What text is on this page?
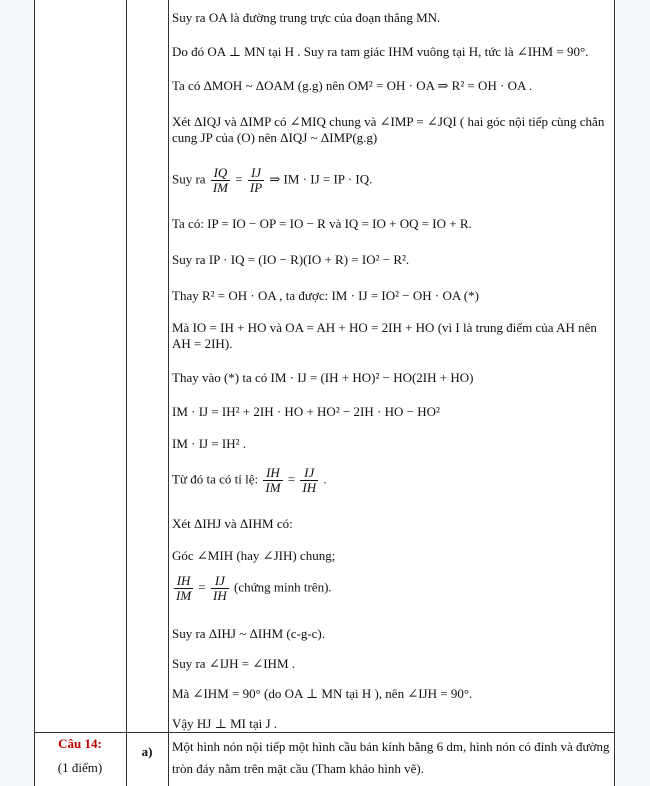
Suy ra OA là đường trung trực của đoạn thẳng MN.
Do đó OA ⊥ MN tại H . Suy ra tam giác IHM vuông tại H, tức là ∠IHM = 90°.
Ta có ΔMOH ~ ΔOAM (g.g) nên OM² = OH · OA ⇒ R² = OH · OA .
Xét ΔIQJ và ΔIMP có ∠MIQ chung và ∠IMP = ∠JQI ( hai góc nội tiếp cùng chắn cung JP của (O) nên ΔIQJ ~ ΔIMP(g.g)
Suy ra $\frac{IQ}{IM} = \frac{IJ}{IP}$ ⇒ IM · IJ = IP · IQ.
Ta có: IP = IO − OP = IO − R và IQ = IO + OQ = IO + R.
Suy ra IP · IQ = (IO − R)(IO + R) = IO² − R².
Thay R² = OH · OA , ta được: IM · IJ = IO² − OH · OA (*)
Mà IO = IH + HO và OA = AH + HO = 2IH + HO (vì I là trung điểm của AH nên AH = 2IH).
Thay vào (*) ta có IM · IJ = (IH + HO)² − HO(2IH + HO)
IM · IJ = IH² + 2IH · HO + HO² − 2IH · HO − HO²
IM · IJ = IH² .
Từ đó ta có tỉ lệ: $\frac{IH}{IM} = \frac{IJ}{IH}$ .
Xét ΔIHJ và ΔIHM có:
Góc ∠MIH (hay ∠JIH) chung;
$\frac{IH}{IM} = \frac{IJ}{IH}$ (chứng minh trên).
Suy ra ΔIHJ ~ ΔIHM (c-g-c).
Suy ra ∠IJH = ∠IHM .
Mà ∠IHM = 90° (do OA ⊥ MN tại H ), nên ∠IJH = 90°.
Vậy HJ ⊥ MI tại J .
Câu 14:
(1 điểm)
a)	Một hình nón nội tiếp một hình cầu bán kính bằng 6 dm, hình nón có đỉnh và đường tròn đáy nằm trên mặt cầu (Tham khảo hình vẽ).
